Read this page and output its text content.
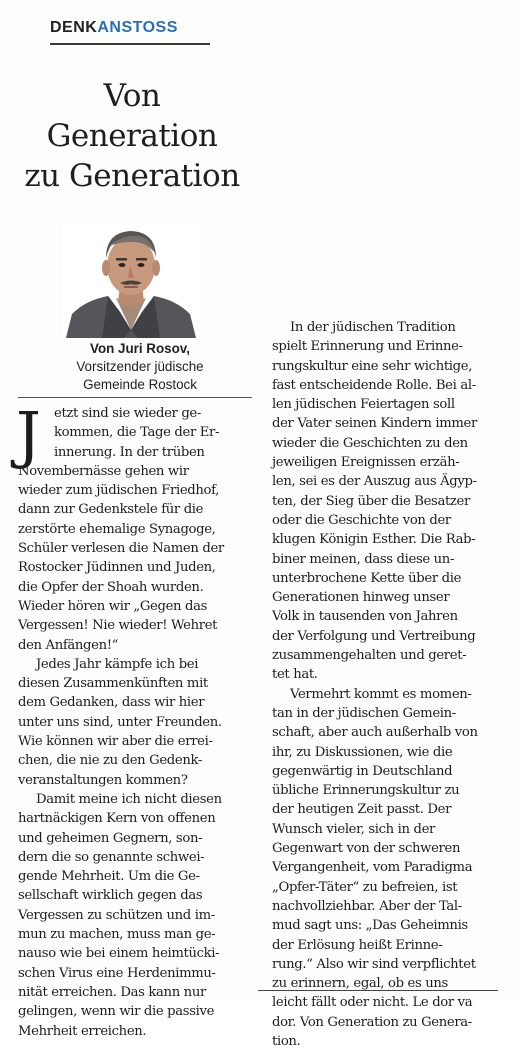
DENKANSTOSS
Von
Generation
zu Generation
Von Juri Rosov,
Vorsitzender jüdische
Gemeinde Rostock
J etzt sind sie wieder ge-
kommen, die Tage der Er-
innerung. In der trüben
Novembernässe gehen wir
wieder zum jüdischen Friedhof,
dann zur Gedenkstele für die
zerstörte ehemalige Synagoge,
Schüler verlesen die Namen der
Rostocker Jüdinnen und Juden,
die Opfer der Shoah wurden.
Wieder hören wir „Gegen das
Vergessen! Nie wieder! Wehret
den Anfängen!“
Jedes Jahr kämpfe ich bei
diesen Zusammenkünften mit
dem Gedanken, dass wir hier
unter uns sind, unter Freunden.
Wie können wir aber die errei-
chen, die nie zu den Gedenk-
veranstaltungen kommen?
Damit meine ich nicht diesen
hartnäckigen Kern von offenen
und geheimen Gegnern, son-
dern die so genannte schwei-
gende Mehrheit. Um die Ge-
sellschaft wirklich gegen das
Vergessen zu schützen und im-
mun zu machen, muss man ge-
nauso wie bei einem heimtücki-
schen Virus eine Herdenimmu-
nität erreichen. Das kann nur
gelingen, wenn wir die passive
Mehrheit erreichen.
In der jüdischen Tradition
spielt Erinnerung und Erinne-
rungskultur eine sehr wichtige,
fast entscheidende Rolle. Bei al-
len jüdischen Feiertagen soll
der Vater seinen Kindern immer
wieder die Geschichten zu den
jeweiligen Ereignissen erzäh-
len, sei es der Auszug aus Ägyp-
ten, der Sieg über die Besatzer
oder die Geschichte von der
klugen Königin Esther. Die Rab-
biner meinen, dass diese un-
unterbrochene Kette über die
Generationen hinweg unser
Volk in tausenden von Jahren
der Verfolgung und Vertreibung
zusammengehalten und geret-
tet hat.
Vermehrt kommt es momen-
tan in der jüdischen Gemein-
schaft, aber auch außerhalb von
ihr, zu Diskussionen, wie die
gegenwärtig in Deutschland
übliche Erinnerungskultur zu
der heutigen Zeit passt. Der
Wunsch vieler, sich in der
Gegenwart von der schweren
Vergangenheit, vom Paradigma
„Opfer-Täter“ zu befreien, ist
nachvollziehbar. Aber der Tal-
mud sagt uns: „Das Geheimnis
der Erlösung heißt Erinne-
rung.“ Also wir sind verpflichtet
zu erinnern, egal, ob es uns
leicht fällt oder nicht. Le dor va
dor. Von Generation zu Genera-
tion.
